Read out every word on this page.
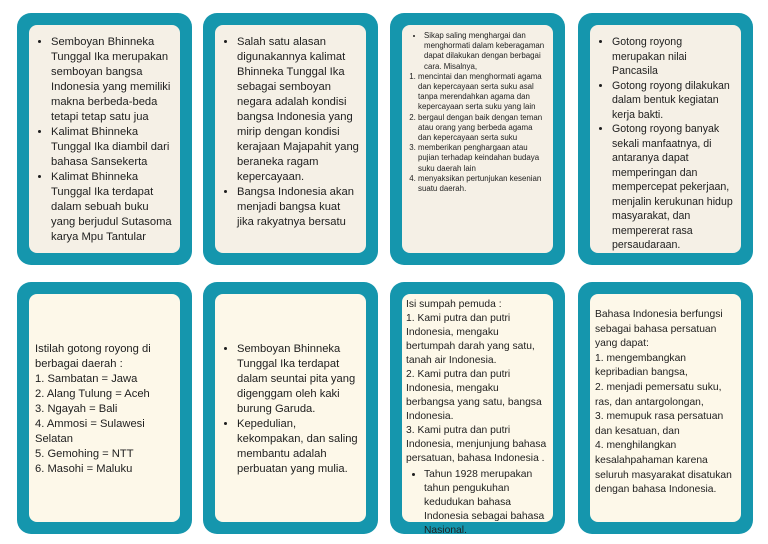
• Semboyan Bhinneka Tunggal Ika merupakan semboyan bangsa Indonesia yang memiliki makna berbeda-beda tetapi tetap satu jua
• Kalimat Bhinneka Tunggal Ika diambil dari bahasa Sansekerta
• Kalimat Bhinneka Tunggal Ika terdapat dalam sebuah buku yang berjudul Sutasoma karya Mpu Tantular
• Salah satu alasan digunakannya kalimat Bhinneka Tunggal Ika sebagai semboyan negara adalah kondisi bangsa Indonesia yang mirip dengan kondisi kerajaan Majapahit yang beraneka ragam kepercayaan.
• Bangsa Indonesia akan menjadi bangsa kuat jika rakyatnya bersatu
• Sikap saling menghargai dan menghormati dalam keberagaman dapat dilakukan dengan berbagai cara. Misalnya,
1. mencintai dan menghormati agama dan kepercayaan serta suku asal tanpa merendahkan agama dan kepercayaan serta suku yang lain
2. bergaul dengan baik dengan teman atau orang yang berbeda agama dan kepercayaan serta suku
3. memberikan penghargaan atau pujian terhadap keindahan budaya suku daerah lain
4. menyaksikan pertunjukan kesenian suatu daerah.
• Gotong royong merupakan nilai Pancasila
• Gotong royong dilakukan dalam bentuk kegiatan kerja bakti.
• Gotong royong banyak sekali manfaatnya, di antaranya dapat memperingan dan mempercepat pekerjaan, menjalin kerukunan hidup masyarakat, dan mempererat rasa persaudaraan.

Istilah gotong royong di berbagai daerah :
1. Sambatan = Jawa
2. Alang Tulung = Aceh
3. Ngayah = Bali
4. Ammosi = Sulawesi Selatan
5. Gemohing = NTT
6. Masohi = Maluku

• Semboyan Bhinneka Tunggal Ika terdapat dalam seuntai pita yang digenggam oleh kaki burung Garuda.
• Kepedulian, kekompakan, dan saling membantu adalah perbuatan yang mulia.

Isi sumpah pemuda :
1. Kami putra dan putri Indonesia, mengaku bertumpah darah yang satu, tanah air Indonesia.
2. Kami putra dan putri Indonesia, mengaku berbangsa yang satu, bangsa Indonesia.
3. Kami putra dan putri Indonesia, menjunjung bahasa persatuan, bahasa Indonesia .

• Tahun 1928 merupakan tahun pengukuhan kedudukan bahasa Indonesia sebagai bahasa Nasional.

Bahasa Indonesia berfungsi sebagai bahasa persatuan yang dapat:
1. mengembangkan kepribadian bangsa,
2. menjadi pemersatu suku, ras, dan antargolongan,
3. memupuk rasa persatuan dan kesatuan, dan
4. menghilangkan kesalahpahaman karena seluruh masyarakat disatukan dengan bahasa Indonesia.
